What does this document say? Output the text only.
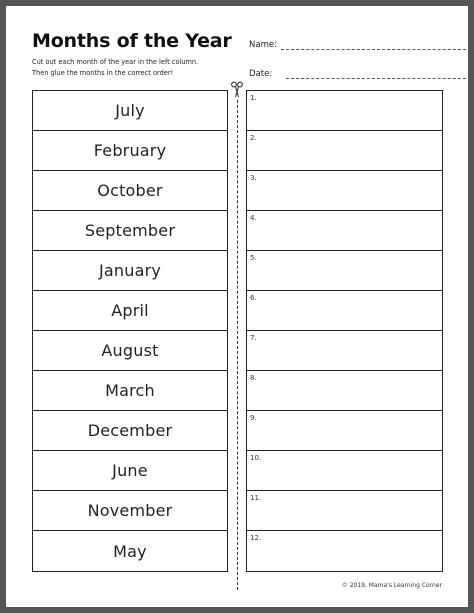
Months of the Year
Cut out each month of the year in the left column.
Then glue the months in the correct order!
Name:
Date:
July
February
October
September
January
April
August
March
December
June
November
May
1.
2.
3.
4.
5.
6.
7.
8.
9.
10.
11.
12.
© 2019, Mama's Learning Corner
